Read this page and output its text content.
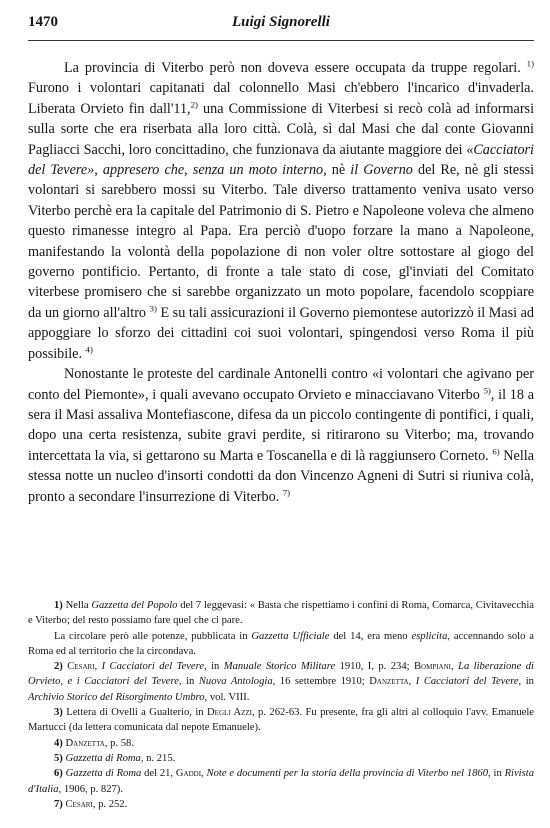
1470	Luigi Signorelli

La provincia di Viterbo però non doveva essere occupata da truppe regolari. $^{1)}$ Furono i volontari capitanati dal colonnello Masi ch'ebbero l'incarico d'invaderla. Liberata Orvieto fin dall'11,$^{2)}$ una Commissione di Viterbesi si recò colà ad informarsi sulla sorte che era riserbata alla loro città. Colà, sì dal Masi che dal conte Giovanni Pagliacci Sacchi, loro concittadino, che funzionava da aiutante maggiore dei «Cacciatori del Tevere», appresero che, senza un moto interno, nè il Governo del Re, nè gli stessi volontari si sarebbero mossi su Viterbo. Tale diverso trattamento veniva usato verso Viterbo perchè era la capitale del Patrimonio di S. Pietro e Napoleone voleva che almeno questo rimanesse integro al Papa. Era perciò d'uopo forzare la mano a Napoleone, manifestando la volontà della popolazione di non voler oltre sottostare al giogo del governo pontificio. Pertanto, di fronte a tale stato di cose, gl'inviati del Comitato viterbese promisero che si sarebbe organizzato un moto popolare, facendolo scoppiare da un giorno all'altro $^{3)}$ E su tali assicurazioni il Governo piemontese autorizzò il Masi ad appoggiare lo sforzo dei cittadini coi suoi volontari, spingendosi verso Roma il più possibile. $^{4)}$

Nonostante le proteste del cardinale Antonelli contro «i volontari che agivano per conto del Piemonte», i quali avevano occupato Orvieto e minacciavano Viterbo $^{5)}$, il 18 a sera il Masi assaliva Montefiascone, difesa da un piccolo contingente di pontifici, i quali, dopo una certa resistenza, subite gravi perdite, si ritirarono su Viterbo; ma, trovando intercettata la via, si gettarono su Marta e Toscanella e di là raggiunsero Corneto. $^{6)}$ Nella stessa notte un nucleo d'insorti condotti da don Vincenzo Agneni di Sutri si riuniva colà, pronto a secondare l'insurrezione di Viterbo. $^{7)}$

1) Nella Gazzetta del Popolo del 7 leggevasi: « Basta che rispettiamo i confini di Roma, Comarca, Civitavecchia e Viterbo; del resto possiamo fare quel che ci pare.

La circolare però alle potenze, pubblicata in Gazzetta Ufficiale del 14, era meno esplicita, accennando solo a Roma ed al territorio che la circondava.

2) Cesari, I Cacciatori del Tevere, in Manuale Storico Militare 1910, I, p. 234; Bompiani, La liberazione di Orvieto, e i Cacciatori del Tevere, in Nuova Antologia, 16 settembre 1910; Danzetta, I Cacciatori del Tevere, in Archivio Storico del Risorgimento Umbro, vol. VIII.

3) Lettera di Ovelli a Gualterio, in Degli Azzi, p. 262-63. Fu presente, fra gli altri al colloquio l'avv. Emanuele Martucci (da lettera comunicata dal nepote Emanuele).

4) Danzetta, p. 58.

5) Gazzetta di Roma, n. 215.

6) Gazzetta di Roma del 21, Gaddi, Note e documenti per la storia della provincia di Viterbo nel 1860, in Rivista d'Italia, 1906, p. 827).

7) Cesari, p. 252.
